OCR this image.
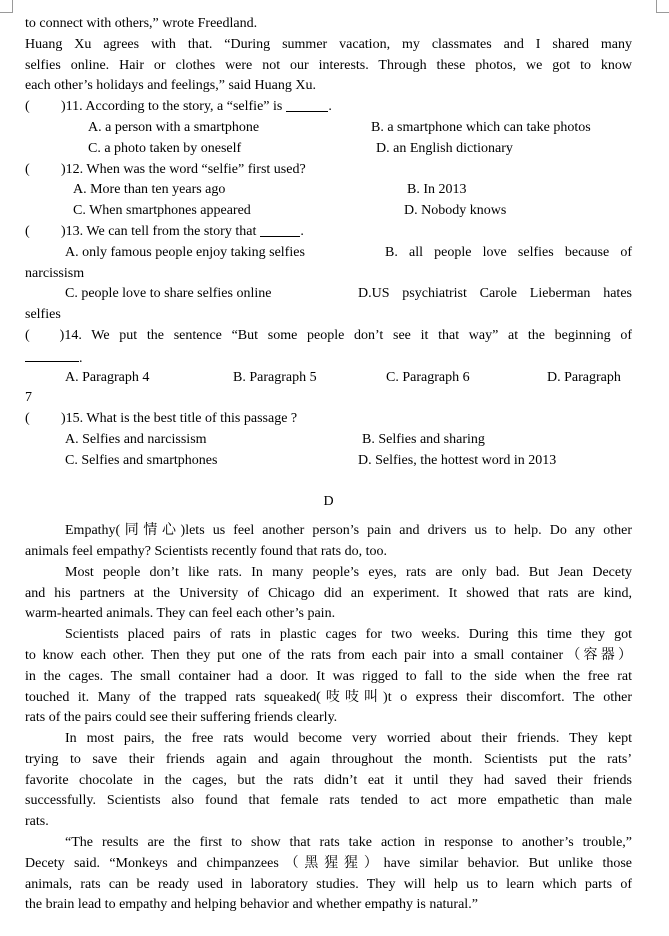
to connect with others,” wrote Freedland.
Huang Xu agrees with that. “During summer vacation, my classmates and I shared many
selfies online. Hair or clothes were not our interests. Through these photos, we got to know
each other’s holidays and feelings,” said Huang Xu.
(	)11. According to the story, a “selfie” is	.
A. a person with a smartphone	B. a smartphone which can take photos
C. a photo taken by oneself	D. an English dictionary
(	)12. When was the word “selfie” first used?
A. More than ten years ago	B. In 2013
C. When smartphones appeared	D. Nobody knows
(	)13. We can tell from the story that	.
A. only famous people enjoy taking selfies	B. all people love selfies because of
narcissism
C. people love to share selfies online	D.US psychiatrist Carole Lieberman hates
selfies
( )14. We put the sentence “But some people don’t see it that way” at the beginning of
.
A. Paragraph 4	B. Paragraph 5	C. Paragraph 6	D. Paragraph
7
(	)15. What is the best title of this passage ?
A. Selfies and narcissism	B. Selfies and sharing
C. Selfies and smartphones	D. Selfies, the hottest word in 2013
D
Empathy(同情心)lets us feel another person’s pain and drivers us to help. Do any other
animals feel empathy? Scientists recently found that rats do, too.
Most people don’t like rats. In many people’s eyes, rats are only bad. But Jean Decety
and his partners at the University of Chicago did an experiment. It showed that rats are kind,
warm-hearted animals. They can feel each other’s pain.
Scientists placed pairs of rats in plastic cages for two weeks. During this time they got
to know each other. Then they put one of the rats from each pair into a small container（容器）
in the cages. The small container had a door. It was rigged to fall to the side when the free rat
touched it. Many of the trapped rats squeaked(吱吱叫)t o express their discomfort. The other
rats of the pairs could see their suffering friends clearly.
In most pairs, the free rats would become very worried about their friends. They kept
trying to save their friends again and again throughout the month. Scientists put the rats’
favorite chocolate in the cages, but the rats didn’t eat it until they had saved their friends
successfully. Scientists also found that female rats tended to act more empathetic than male
rats.
“The results are the first to show that rats take action in response to another’s trouble,”
Decety said. “Monkeys and chimpanzees（黑猩猩）have similar behavior. But unlike those
animals, rats can be ready used in laboratory studies. They will help us to learn which parts of
the brain lead to empathy and helping behavior and whether empathy is natural.”
